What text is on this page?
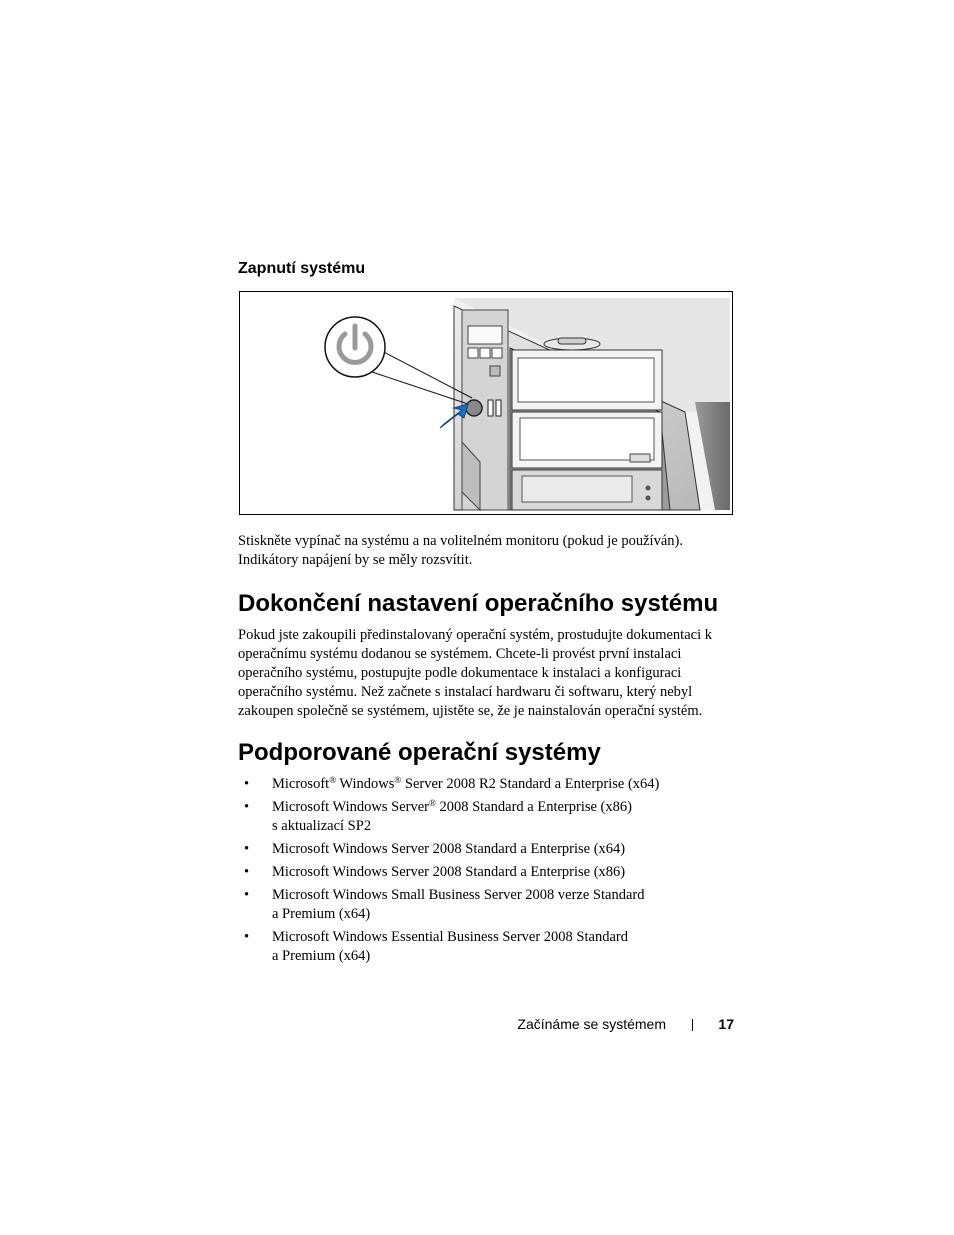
Zapnutí systému
Stiskněte vypínač na systému a na volitelném monitoru (pokud je používán).
Indikátory napájení by se měly rozsvítit.
Dokončení nastavení operačního systému
Pokud jste zakoupili předinstalovaný operační systém, prostudujte dokumentaci k
operačnímu systému dodanou se systémem. Chcete-li provést první instalaci
operačního systému, postupujte podle dokumentace k instalaci a konfiguraci
operačního systému. Než začnete s instalací hardwaru či softwaru, který nebyl
zakoupen společně se systémem, ujistěte se, že je nainstalován operační systém.
Podporované operační systémy
• Microsoft® Windows® Server 2008 R2 Standard a Enterprise (x64)
• Microsoft Windows Server® 2008 Standard a Enterprise (x86)
s aktualizací SP2
• Microsoft Windows Server 2008 Standard a Enterprise (x64)
• Microsoft Windows Server 2008 Standard a Enterprise (x86)
• Microsoft Windows Small Business Server 2008 verze Standard
a Premium (x64)
• Microsoft Windows Essential Business Server 2008 Standard
a Premium (x64)
Začínáme se systémem	17
